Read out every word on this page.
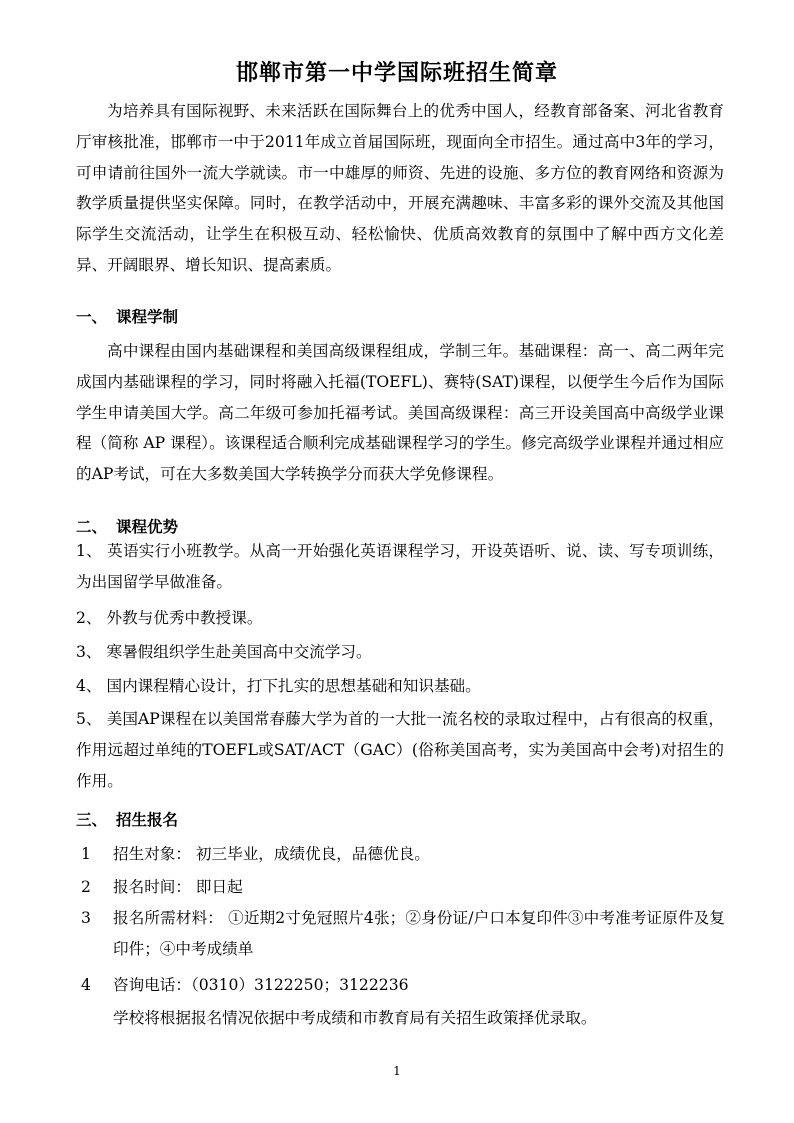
邯郸市第一中学国际班招生简章

为培养具有国际视野、未来活跃在国际舞台上的优秀中国人，经教育部备案、河北省教育厅审核批准，邯郸市一中于2011年成立首届国际班，现面向全市招生。通过高中3年的学习，可申请前往国外一流大学就读。市一中雄厚的师资、先进的设施、多方位的教育网络和资源为教学质量提供坚实保障。同时，在教学活动中，开展充满趣味、丰富多彩的课外交流及其他国际学生交流活动，让学生在积极互动、轻松愉快、优质高效教育的氛围中了解中西方文化差异、开阔眼界、增长知识、提高素质。

一、 课程学制

高中课程由国内基础课程和美国高级课程组成，学制三年。基础课程：高一、高二两年完成国内基础课程的学习，同时将融入托福(TOEFL)、赛特(SAT)课程，以便学生今后作为国际学生申请美国大学。高二年级可参加托福考试。美国高级课程：高三开设美国高中高级学业课程（简称 AP 课程）。该课程适合顺利完成基础课程学习的学生。修完高级学业课程并通过相应的AP考试，可在大多数美国大学转换学分而获大学免修课程。

二、 课程优势

1、 英语实行小班教学。从高一开始强化英语课程学习，开设英语听、说、读、写专项训练，为出国留学早做准备。

2、 外教与优秀中教授课。

3、 寒暑假组织学生赴美国高中交流学习。

4、 国内课程精心设计，打下扎实的思想基础和知识基础。

5、 美国AP课程在以美国常春藤大学为首的一大批一流名校的录取过程中，占有很高的权重，作用远超过单纯的TOEFL或SAT/ACT（GAC）(俗称美国高考，实为美国高中会考)对招生的作用。

三、 招生报名
1 招生对象： 初三毕业，成绩优良，品德优良。
2 报名时间： 即日起
3 报名所需材料： ①近期2寸免冠照片4张；②身份证/户口本复印件③中考准考证原件及复印件；④中考成绩单
4 咨询电话：（0310）3122250；3122236
学校将根据报名情况依据中考成绩和市教育局有关招生政策择优录取。
1
